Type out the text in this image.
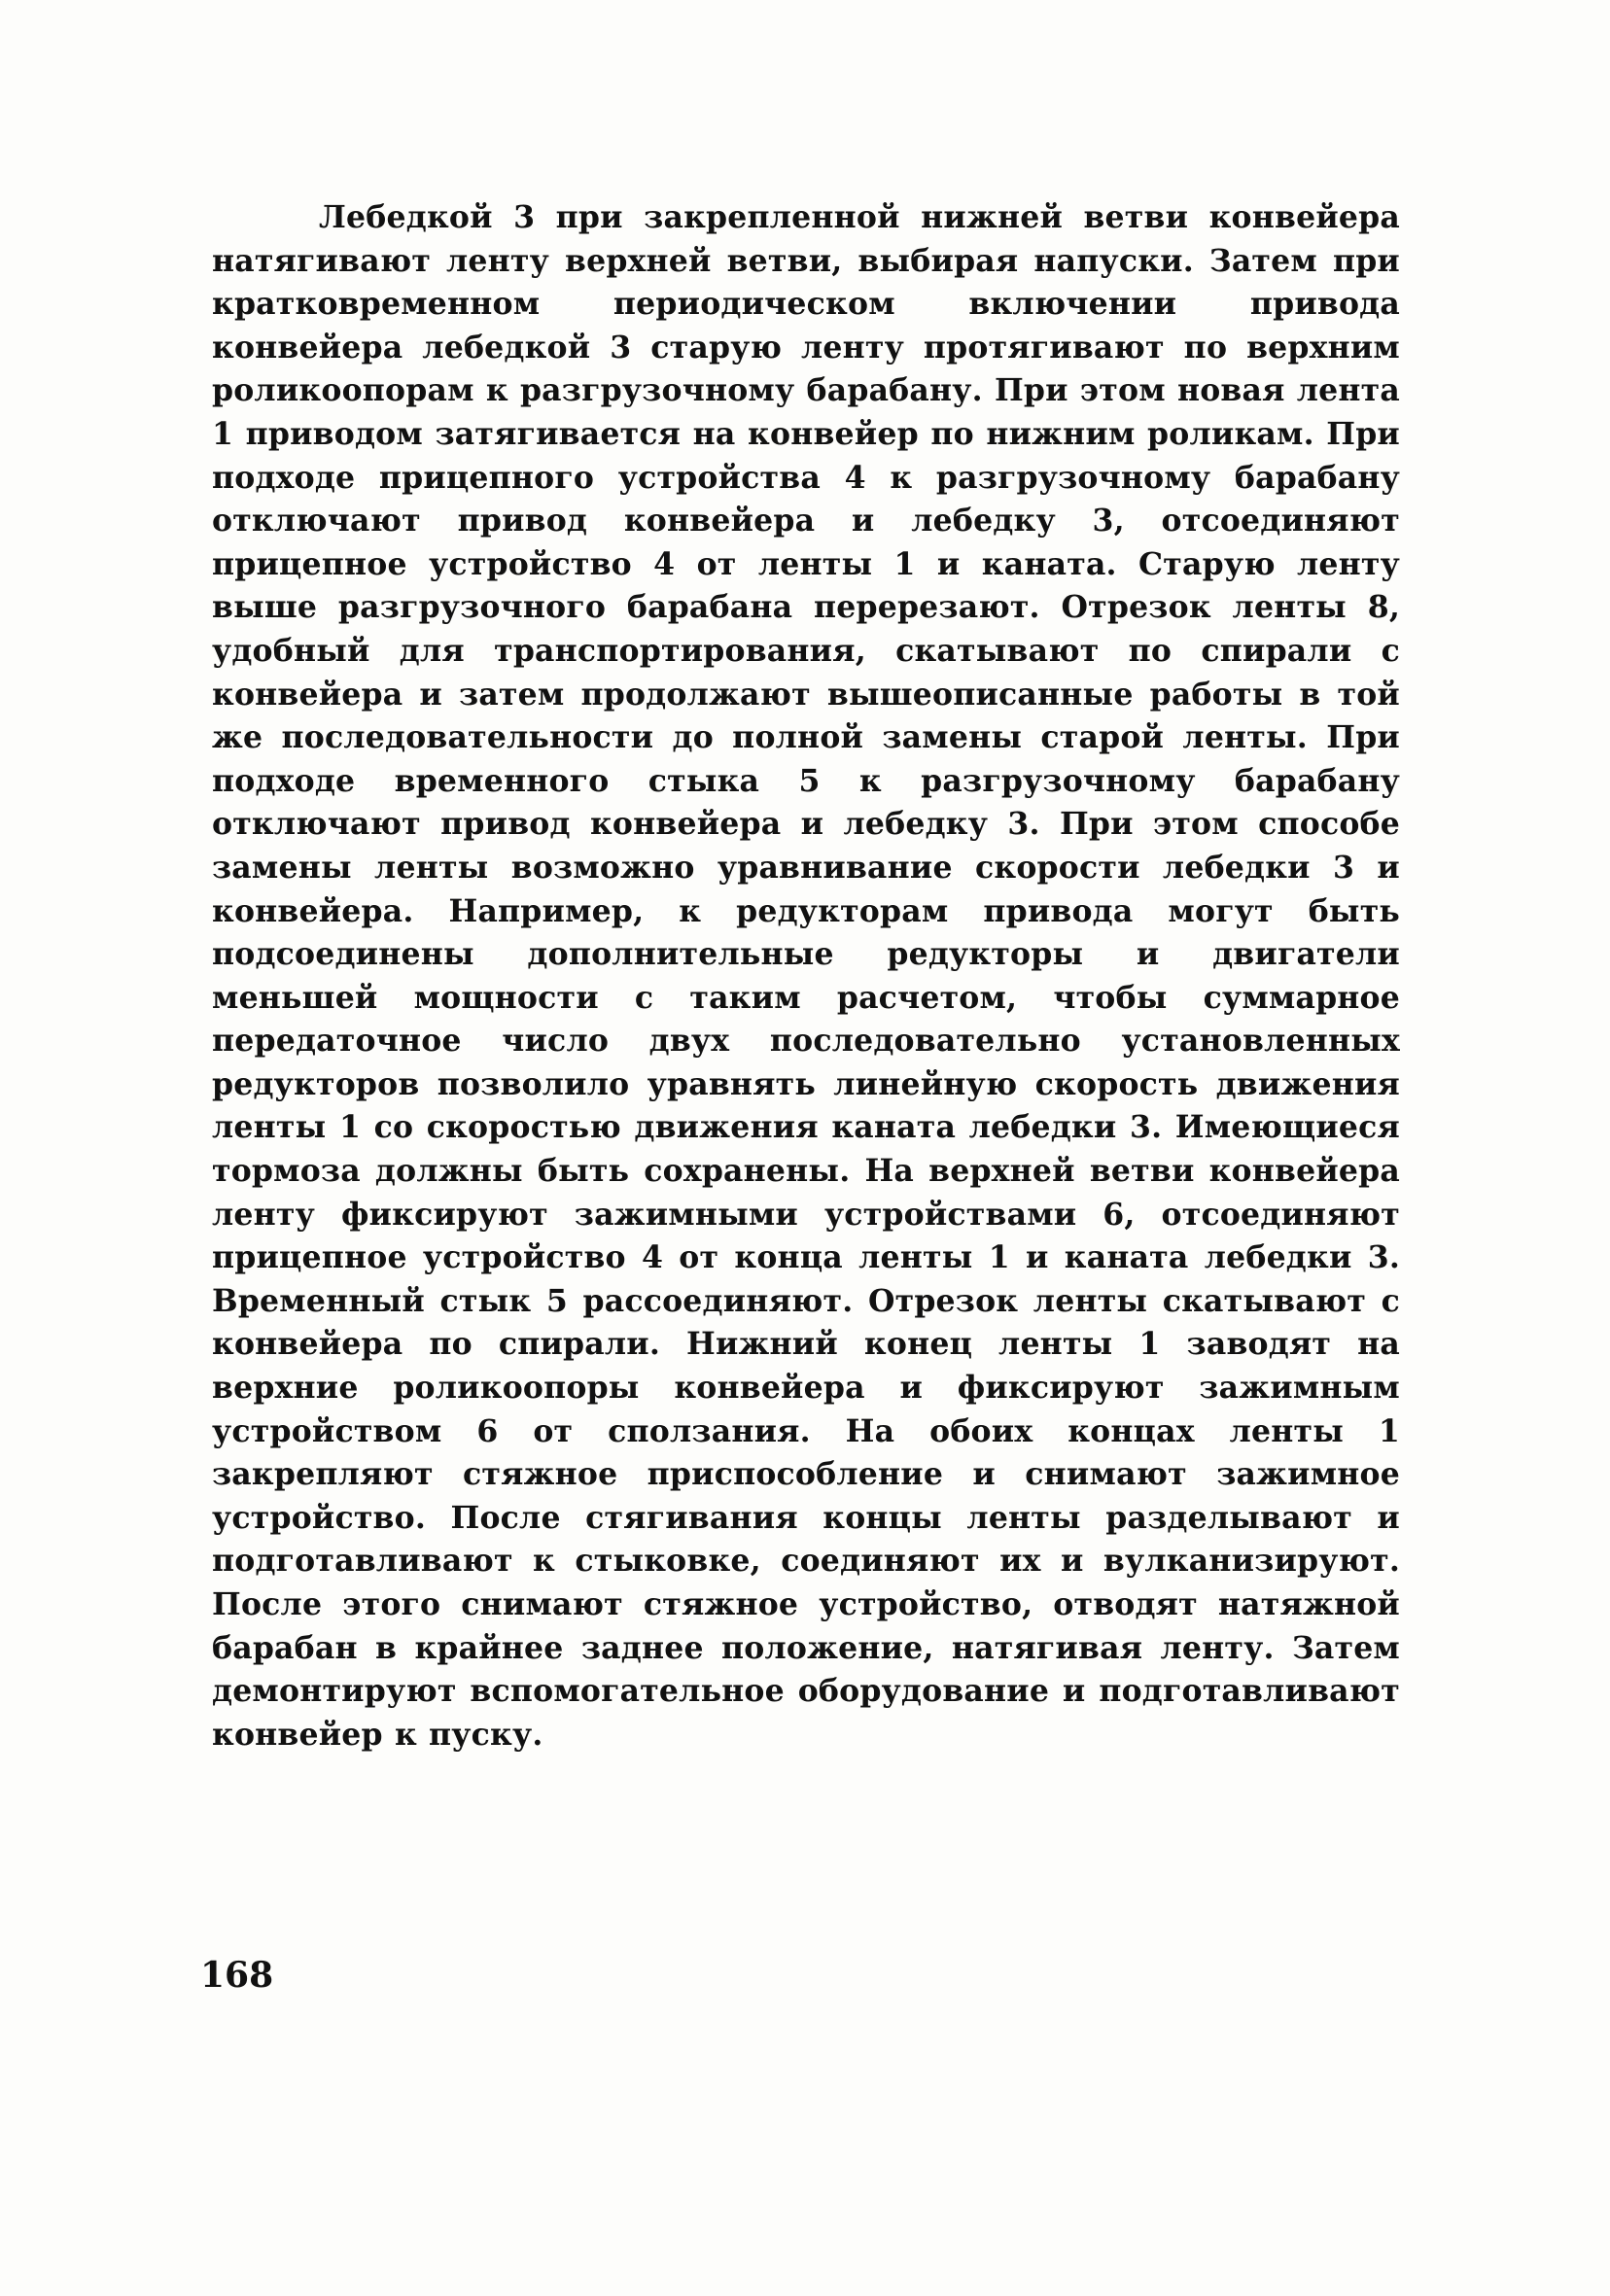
Лебедкой 3 при закрепленной нижней ветви конвейера натягивают ленту верхней ветви, выбирая напуски. Затем при кратковременном периодическом включении привода конвейера лебедкой 3 старую ленту протягивают по верхним роликоопорам к разгрузочному барабану. При этом новая лента 1 приводом затягивается на конвейер по нижним роликам. При подходе прицепного устройства 4 к разгрузочному барабану отключают привод конвейера и лебедку 3, отсоединяют прицепное устройство 4 от ленты 1 и каната. Старую ленту выше разгрузочного барабана перерезают. Отрезок ленты 8, удобный для транспортирования, скатывают по спирали с конвейера и затем продолжают вышеописанные работы в той же последовательности до полной замены старой ленты. При подходе временного стыка 5 к разгрузочному барабану отключают привод конвейера и лебедку 3. При этом способе замены ленты возможно уравнивание скорости лебедки 3 и конвейера. Например, к редукторам привода могут быть подсоединены дополнительные редукторы и двигатели меньшей мощности с таким расчетом, чтобы суммарное передаточное число двух последовательно установленных редукторов позволило уравнять линейную скорость движения ленты 1 со скоростью движения каната лебедки 3. Имеющиеся тормоза должны быть сохранены. На верхней ветви конвейера ленту фиксируют зажимными устройствами 6, отсоединяют прицепное устройство 4 от конца ленты 1 и каната лебедки 3. Временный стык 5 рассоединяют. Отрезок ленты скатывают с конвейера по спирали. Нижний конец ленты 1 заводят на верхние роликоопоры конвейера и фиксируют зажимным устройством 6 от сползания. На обоих концах ленты 1 закрепляют стяжное приспособление и снимают зажимное устройство. После стягивания концы ленты разделывают и подготавливают к стыковке, соединяют их и вулканизируют. После этого снимают стяжное устройство, отводят натяжной барабан в крайнее заднее положение, натягивая ленту. Затем демонтируют вспомогательное оборудование и подготавливают конвейер к пуску.

168
